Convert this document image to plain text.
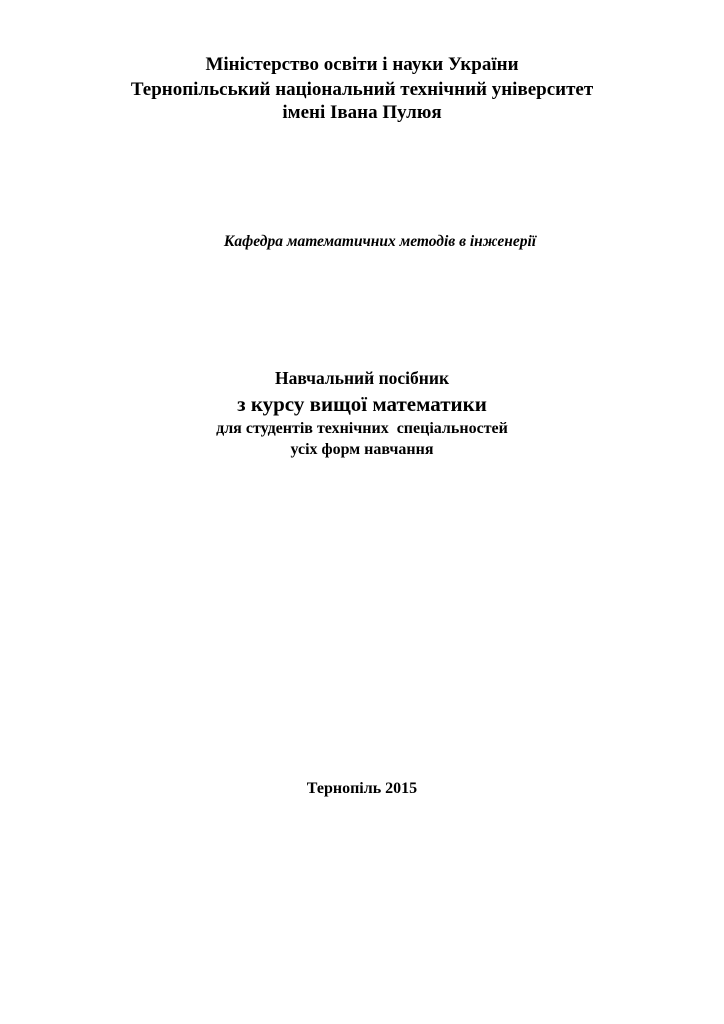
Міністерство освіти і науки України
Тернопільський національний технічний університет
імені Івана Пулюя
Кафедра математичних методів в інженерії
Навчальний посібник
з курсу вищої математики
для студентів технічних  спеціальностей
усіх форм навчання
Тернопіль 2015
